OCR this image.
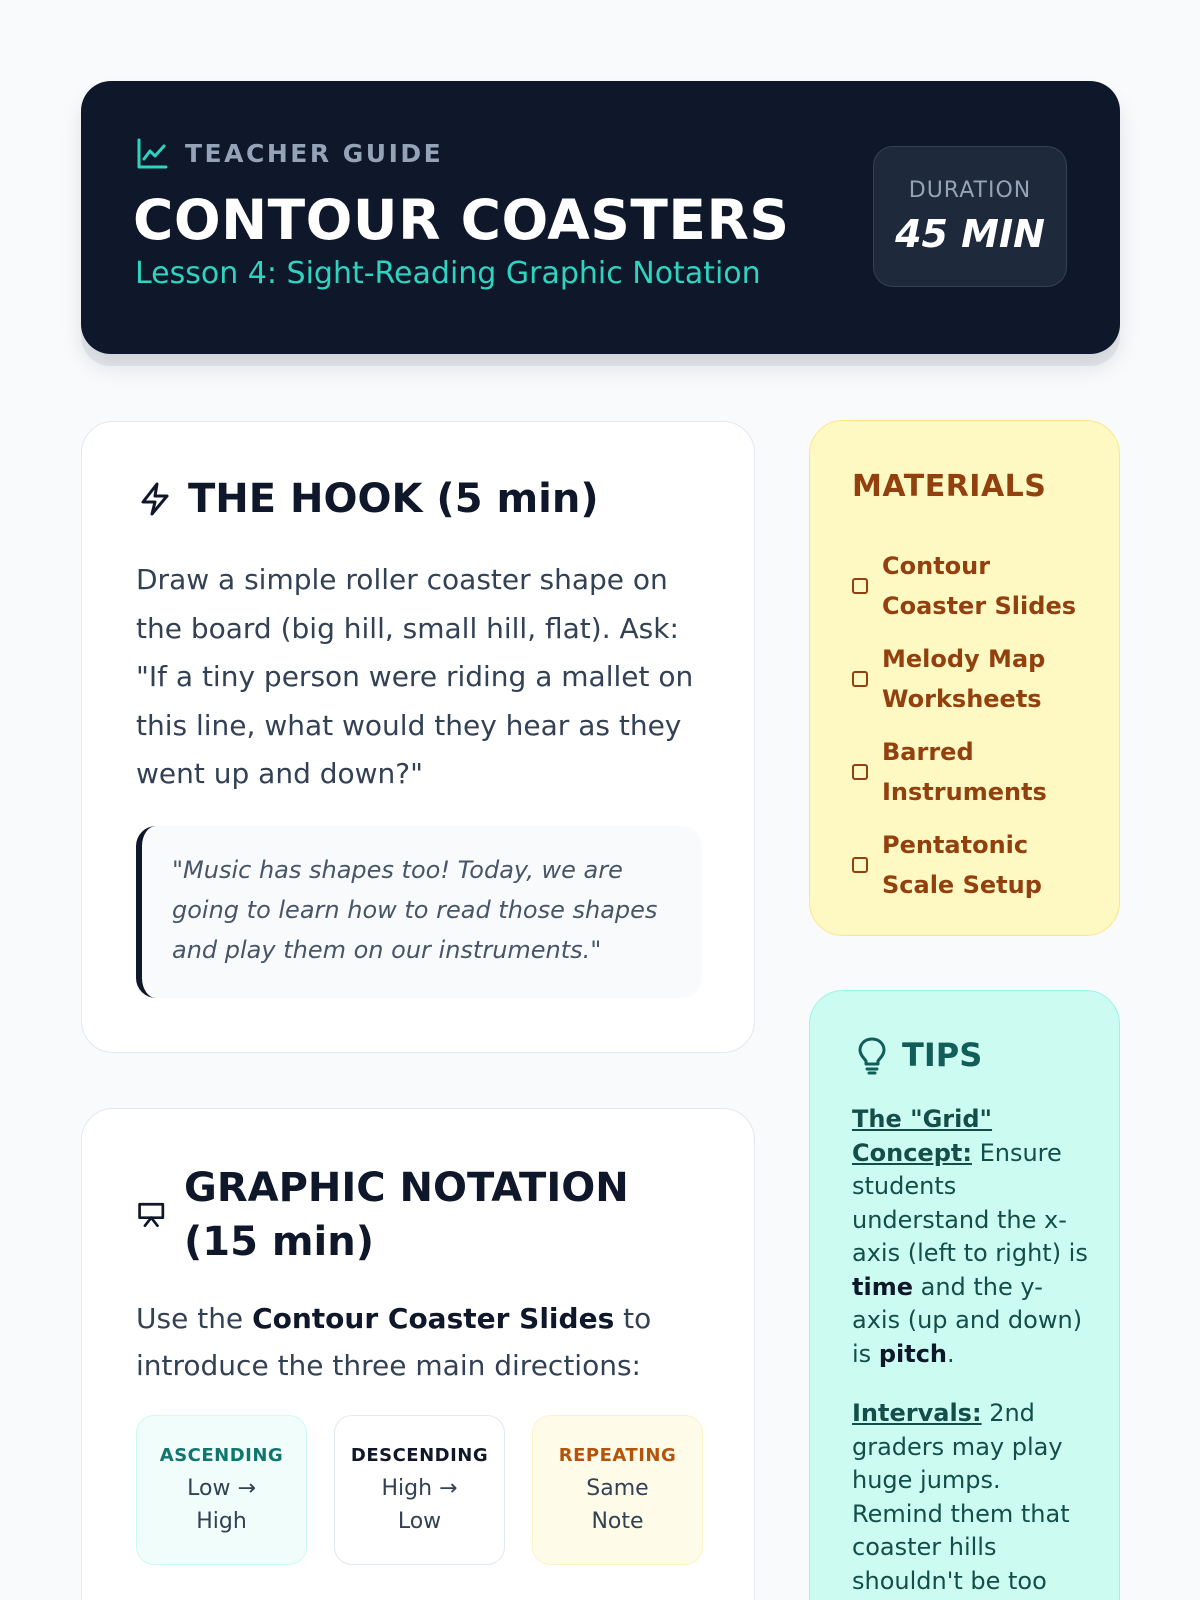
TEACHER GUIDE
CONTOUR COASTERS
Lesson 4: Sight-Reading Graphic Notation
DURATION
45 MIN
THE HOOK (5 min)

Draw a simple roller coaster shape on the board (big hill, small hill, flat). Ask: "If a tiny person were riding a mallet on this line, what would they hear as they went up and down?"

"Music has shapes too! Today, we are going to learn how to read those shapes and play them on our instruments."
GRAPHIC NOTATION (15 min)

Use the Contour Coaster Slides to introduce the three main directions:

ASCENDING
Low → High
DESCENDING
High → Low
REPEATING
Same Note
MATERIALS
Contour Coaster Slides
Melody Map Worksheets
Barred Instruments
Pentatonic Scale Setup
TIPS

The "Grid" Concept: Ensure students understand the x-axis (left to right) is time and the y-axis (up and down) is pitch.

Intervals: 2nd graders may play huge jumps. Remind them that coaster hills shouldn't be too
